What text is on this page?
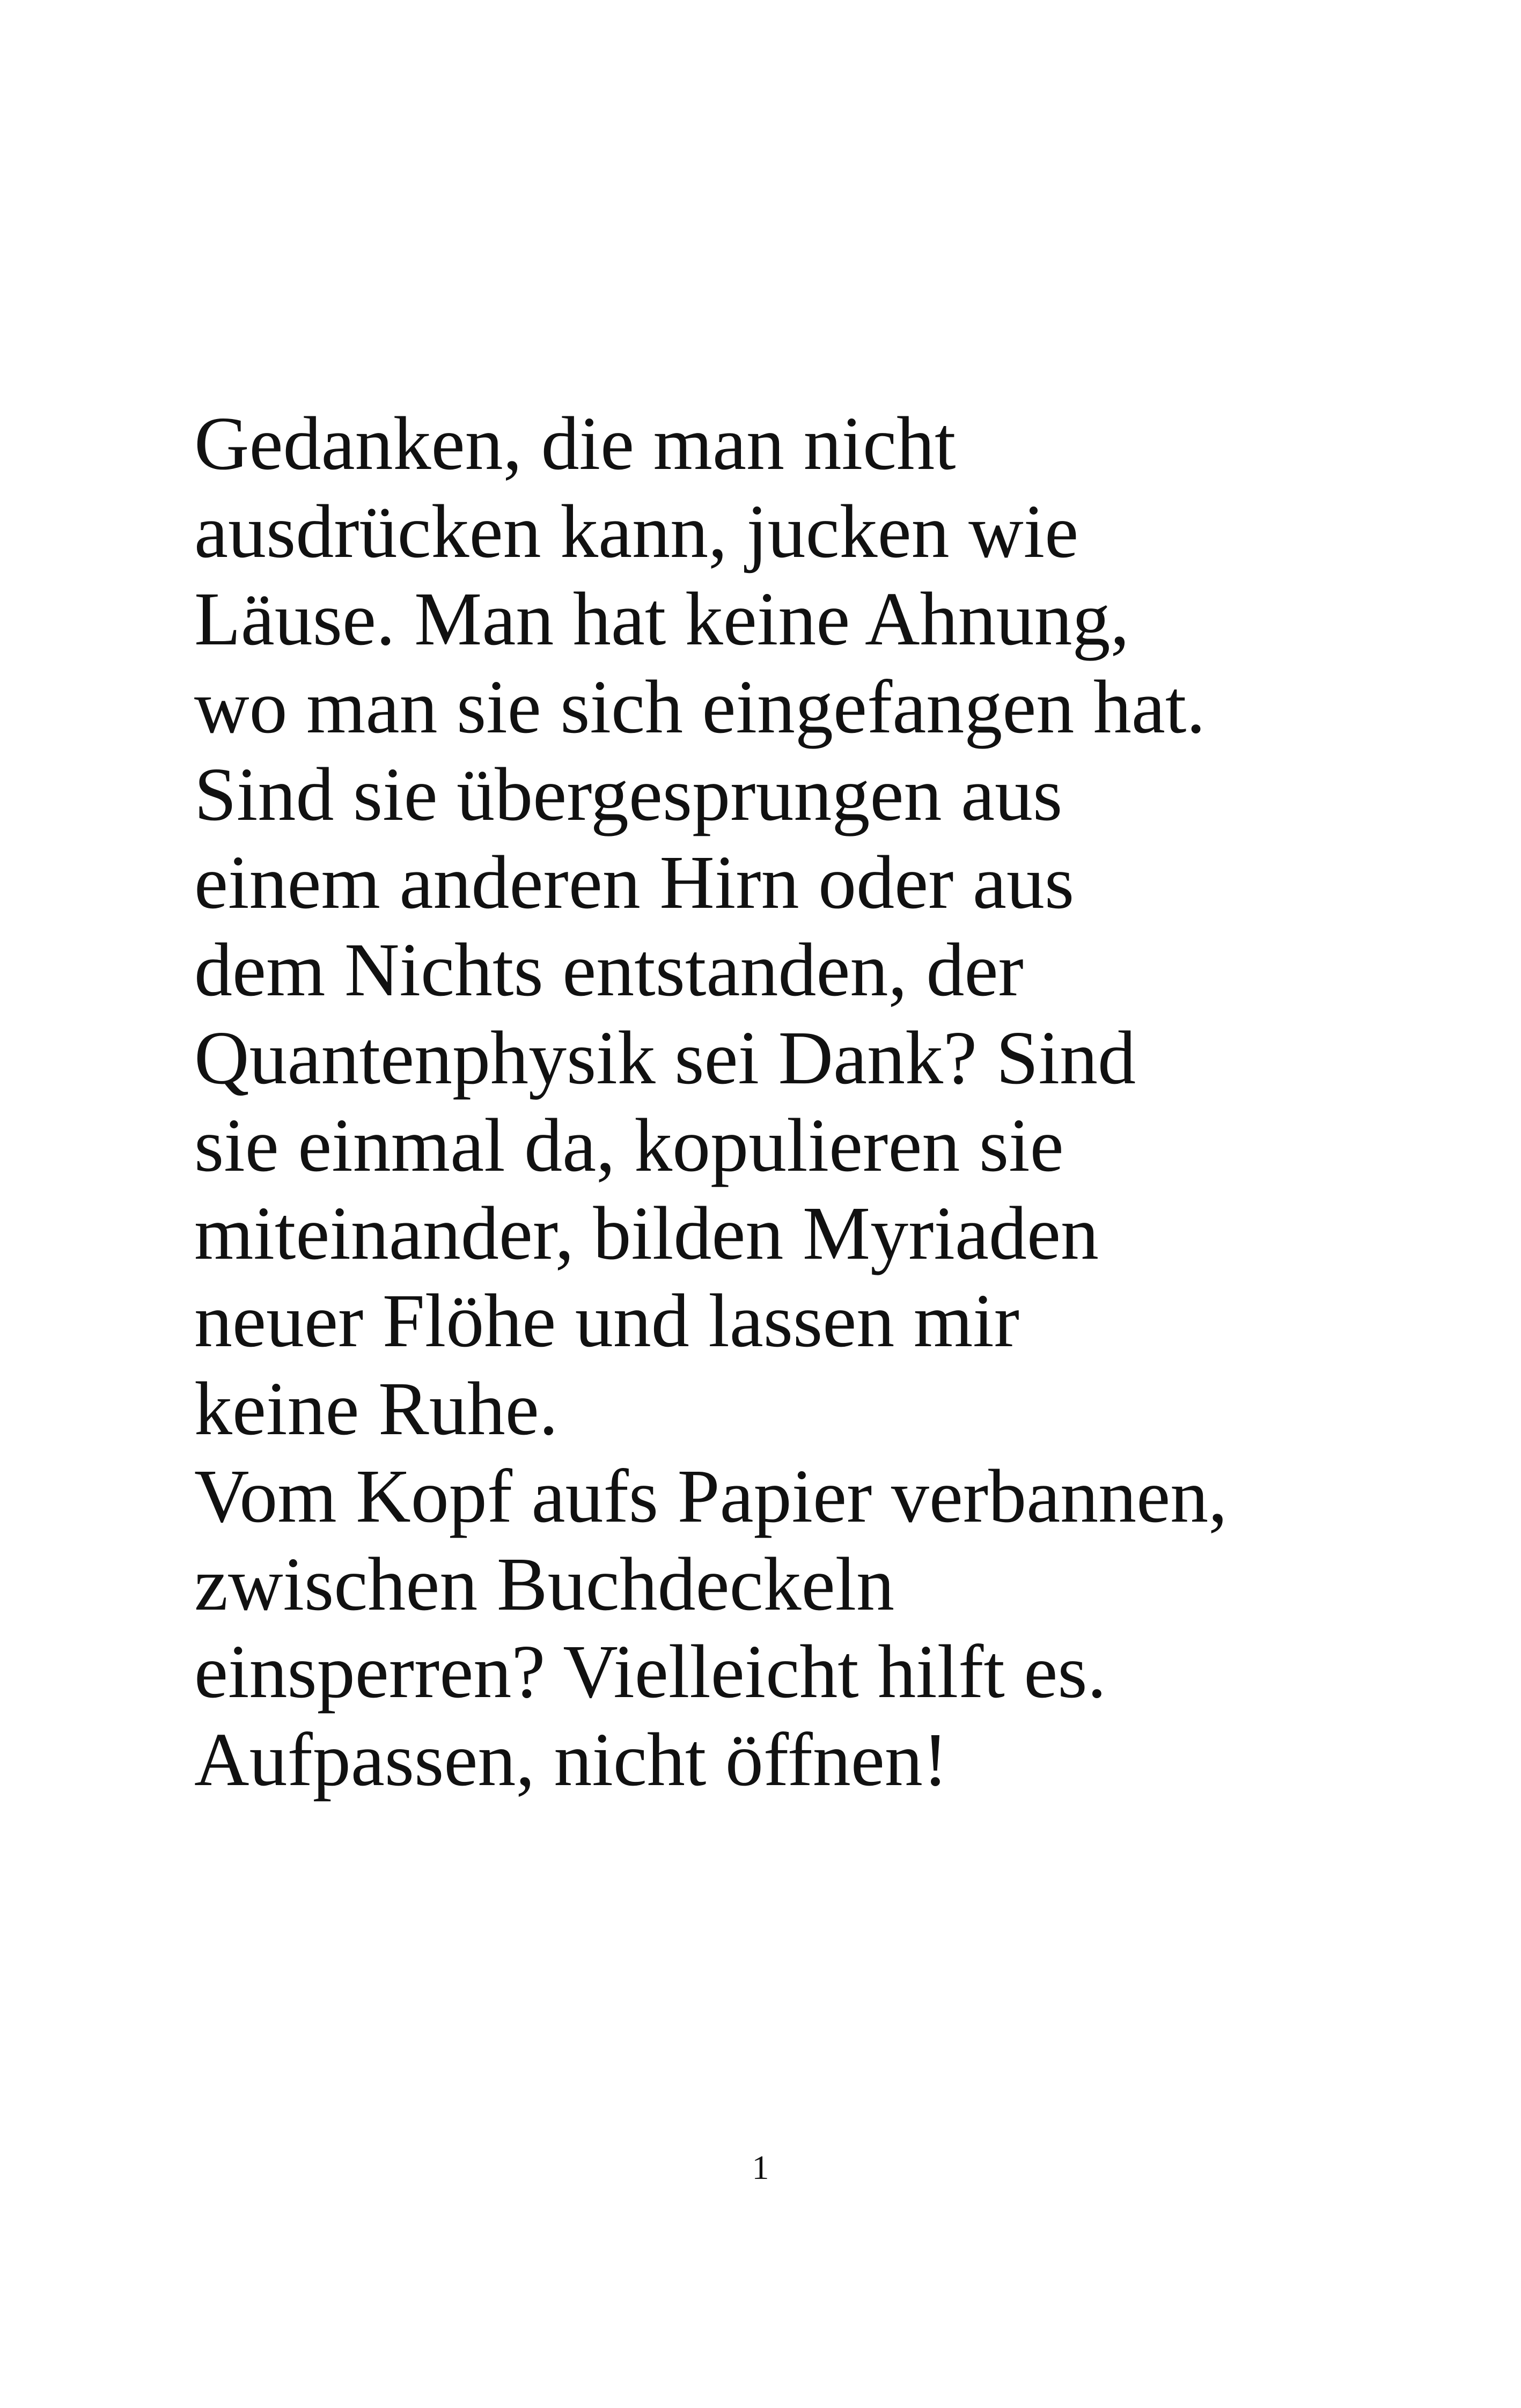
Gedanken, die man nicht
ausdrücken kann, jucken wie
Läuse. Man hat keine Ahnung,
wo man sie sich eingefangen hat.
Sind sie übergesprungen aus
einem anderen Hirn oder aus
dem Nichts entstanden, der
Quantenphysik sei Dank? Sind
sie einmal da, kopulieren sie
miteinander, bilden Myriaden
neuer Flöhe und lassen mir
keine Ruhe.
Vom Kopf aufs Papier verbannen,
zwischen Buchdeckeln
einsperren? Vielleicht hilft es.
Aufpassen, nicht öffnen!
1
